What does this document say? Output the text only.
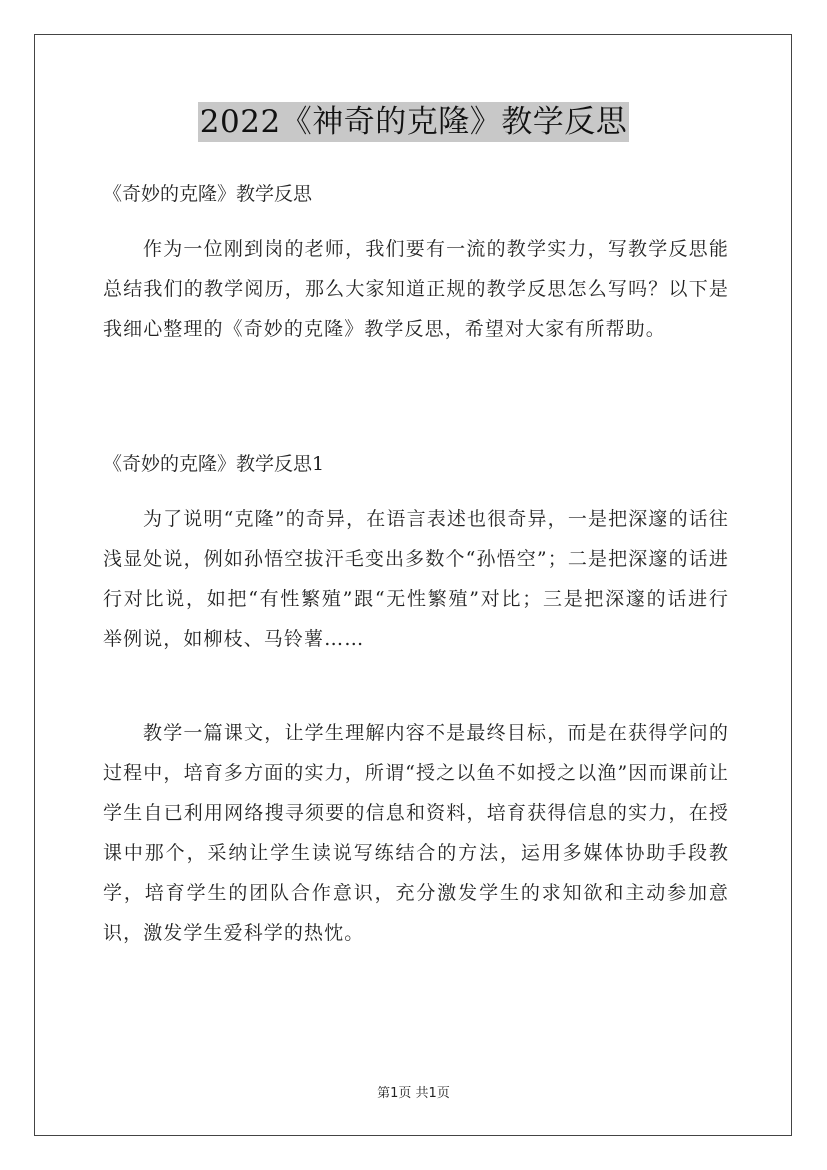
2022《神奇的克隆》教学反思
《奇妙的克隆》教学反思
作为一位刚到岗的老师，我们要有一流的教学实力，写教学反思能总结我们的教学阅历，那么大家知道正规的教学反思怎么写吗？以下是我细心整理的《奇妙的克隆》教学反思，希望对大家有所帮助。
《奇妙的克隆》教学反思1
为了说明“克隆”的奇异，在语言表述也很奇异，一是把深邃的话往浅显处说，例如孙悟空拔汗毛变出多数个“孙悟空”；二是把深邃的话进行对比说，如把“有性繁殖”跟“无性繁殖”对比；三是把深邃的话进行举例说，如柳枝、马铃薯……
教学一篇课文，让学生理解内容不是最终目标，而是在获得学问的过程中，培育多方面的实力，所谓“授之以鱼不如授之以渔”因而课前让学生自已利用网络搜寻须要的信息和资料，培育获得信息的实力，在授课中那个，采纳让学生读说写练结合的方法，运用多媒体协助手段教学，培育学生的团队合作意识，充分激发学生的求知欲和主动参加意识，激发学生爱科学的热忱。
第1页 共1页
